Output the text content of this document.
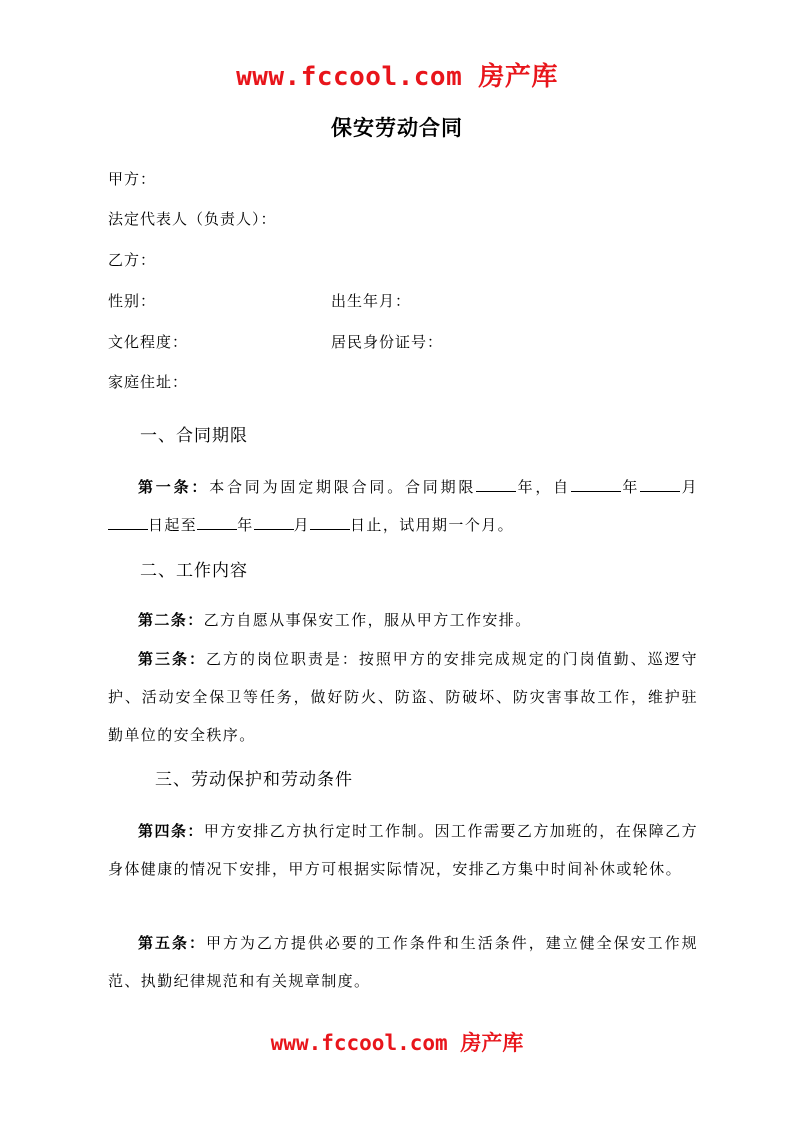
www.fccool.com 房产库
保安劳动合同
甲方：
法定代表人（负责人）：
乙方：
性别：	出生年月：
文化程度：	居民身份证号：
家庭住址：
一、合同期限
第一条：本合同为固定期限合同。合同期限	年，自	年	月日起至	年	月	日止，试用期一个月。
二、工作内容
第二条：乙方自愿从事保安工作，服从甲方工作安排。
第三条：乙方的岗位职责是：按照甲方的安排完成规定的门岗值勤、巡逻守护、活动安全保卫等任务，做好防火、防盗、防破坏、防灾害事故工作，维护驻勤单位的安全秩序。
三、劳动保护和劳动条件
第四条：甲方安排乙方执行定时工作制。因工作需要乙方加班的，在保障乙方身体健康的情况下安排，甲方可根据实际情况，安排乙方集中时间补休或轮休。
第五条：甲方为乙方提供必要的工作条件和生活条件，建立健全保安工作规范、执勤纪律规范和有关规章制度。
www.fccool.com 房产库
